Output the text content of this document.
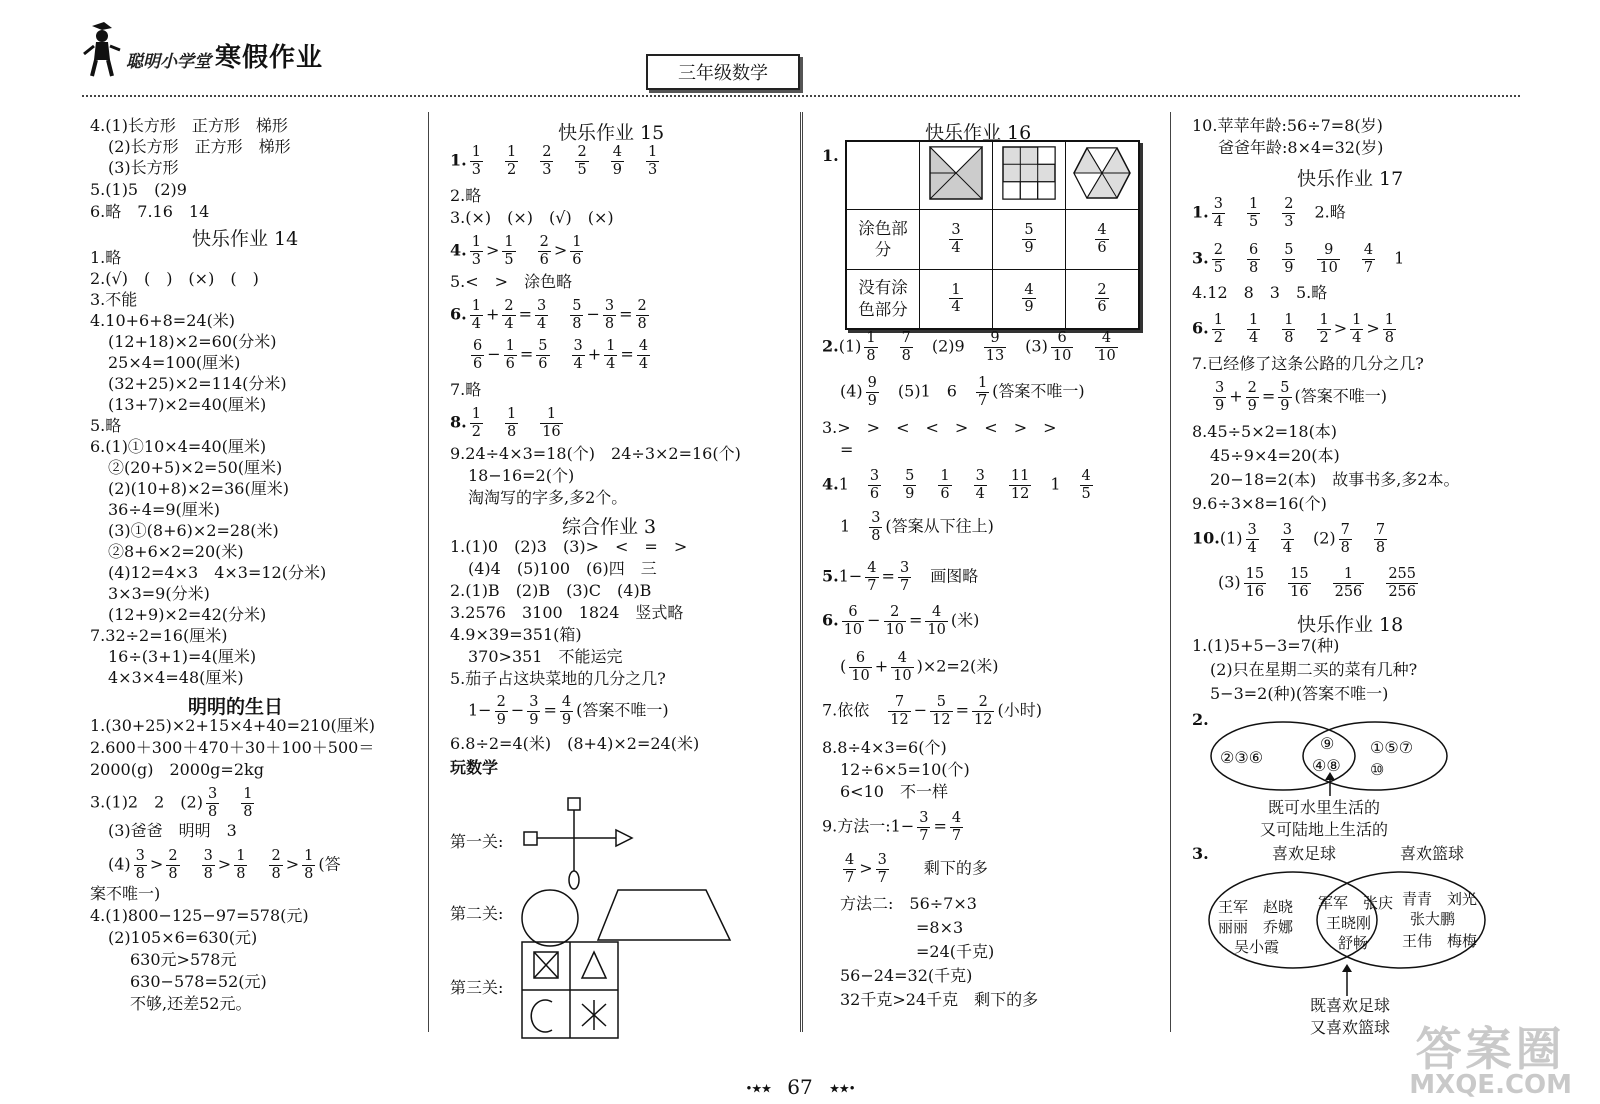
聪明小学堂 寒假作业
三年级数学
4.(1)长方形　正方形　梯形
(2)长方形　正方形　梯形
(3)长方形
5.(1)5　(2)9
6.略　7.16　14
快乐作业 14
1.略
2.(√)　(　)　(×)　(　)
3.不能
4.10+6+8=24(米)
(12+18)×2=60(分米)
25×4=100(厘米)
(32+25)×2=114(分米)
(13+7)×2=40(厘米)
5.略
6.(1)①10×4=40(厘米)
②(20+5)×2=50(厘米)
(2)(10+8)×2=36(厘米)
36÷4=9(厘米)
(3)①(8+6)×2=28(米)
②8+6×2=20(米)
(4)12=4×3　4×3=12(分米)
3×3=9(分米)
(12+9)×2=42(分米)
7.32÷2=16(厘米)
16÷(3+1)=4(厘米)
4×3×4=48(厘米)
明明的生日
1.(30+25)×2+15×4+40=210(厘米)
2.600＋300＋470＋30＋100＋500＝
2000(g)　2000g=2kg
3.(1)2　2　$(2) \frac{3}{8}$
　 $\frac{1}{8}$
(3)爸爸　明明　3
$(4) \frac{3}{8} > \frac{2}{8}$
　 $\frac{3}{8} > \frac{1}{8}$
　 $\frac{2}{8} > \frac{1}{8}$ (答
案不唯一)
4.(1)800−125−97=578(元)
(2)105×6=630(元)
630元>578元
630−578=52(元)
不够,还差52元。
快乐作业 15
1. $\frac{1}{3}$
　 $\frac{1}{2}$
　 $\frac{2}{3}$
　 $\frac{2}{5}$
　 $\frac{4}{9}$
　 $\frac{1}{3}$
2.略
3.(×)　(×)　(√)　(×)
4. $\frac{1}{3} > \frac{1}{5}$
　 $\frac{2}{6} > \frac{1}{6}$
5.<　>　涂色略
6. $\frac{1}{4} + \frac{2}{4} = \frac{3}{4}$
　 $\frac{5}{8} - \frac{3}{8} = \frac{2}{8}$
$\frac{6}{6} - \frac{1}{6} = \frac{5}{6}$
　 $\frac{3}{4} + \frac{1}{4} = \frac{4}{4}$
7.略
8. $\frac{1}{2}$
　 $\frac{1}{8}$
　 $\frac{1}{16}$
9.24÷4×3=18(个)　24÷3×2=16(个)
18−16=2(个)
淘淘写的字多,多2个。
综合作业 3
1.(1)0　(2)3　(3)>　<　=　>
(4)4　(5)100　(6)四　三
2.(1)B　(2)B　(3)C　(4)B
3.2576　3100　1824　竖式略
4.9×39=351(箱)
370>351　不能运完
5.茄子占这块菜地的几分之几?
$1- \frac{2}{9} - \frac{3}{9} = \frac{4}{9}$ (答案不唯一)
6.8÷2=4(米)　(8+4)×2=24(米)
玩数学
第一关:
第二关:
第三关:
快乐作业 16
1.

涂色部分	$\frac{3}{4}$	$\frac{5}{9}$	$\frac{4}{6}$

没有涂色部分	$\frac{1}{4}$	$\frac{4}{9}$	$\frac{2}{6}$
$2.(1) \frac{1}{8}$
　 $\frac{7}{8}$ 　(2)9　 $\frac{9}{13}$ 　$(3) \frac{6}{10}$
　 $\frac{4}{10}$
$(4) \frac{9}{9}$ 　(5)1　6　 $\frac{1}{7}$ (答案不唯一)
3.>　>　<　<　>　<　>　>
=
4.1　 $\frac{3}{6}$
　 $\frac{5}{9}$
　 $\frac{1}{6}$
　 $\frac{3}{4}$
　 $\frac{11}{12}$ 　1　 $\frac{4}{5}$
1　 $\frac{3}{8}$ (答案从下往上)
$5.1- \frac{4}{7} = \frac{3}{7}$
　 画图略
6. $\frac{6}{10} - \frac{2}{10} = \frac{4}{10}$ (米)
( $\frac{6}{10} + \frac{4}{10} )\times 2=2$(米)
7.依依　 $\frac{7}{12} - \frac{5}{12} = \frac{2}{12}$ (小时)
8.8÷4×3=6(个)
12÷6×5=10(个)
6<10　不一样
9.方法一:1− $\frac{3}{7} = \frac{4}{7}$
$\frac{4}{7} > \frac{3}{7}$
　　 剩下的多
方法二:　56÷7×3
=8×3
=24(千克)
56−24=32(千克)
32千克>24千克　剩下的多
10.苹苹年龄:56÷7=8(岁)
爸爸年龄:8×4=32(岁)
快乐作业 17
1. $\frac{3}{4}$
　 $\frac{1}{5}$
　 $\frac{2}{3}$
　 2.略
3. $\frac{2}{5}$
　 $\frac{6}{8}$
　 $\frac{5}{9}$
　 $\frac{9}{10}$
　 $\frac{4}{7}$ 　1
4.12　8　3　5.略
6. $\frac{1}{2}$
　 $\frac{1}{4}$
　 $\frac{1}{8}$
　 $\frac{1}{2} > \frac{1}{4} > \frac{1}{8}$
7.已经修了这条公路的几分之几?
$\frac{3}{9} + \frac{2}{9} = \frac{5}{9}$ (答案不唯一)
8.45÷5×2=18(本)
45÷9×4=20(本)
20−18=2(本)　故事书多,多2本。
9.6÷3×8=16(个)
$10.(1) \frac{3}{4}$
　 $\frac{3}{4}$ 　$(2) \frac{7}{8}$
　 $\frac{7}{8}$
$(3) \frac{15}{16}$
　 $\frac{15}{16}$
　 $\frac{1}{256}$
　 $\frac{255}{256}$
快乐作业 18
1.(1)5+5−3=7(种)
(2)只在星期二买的菜有几种?
5−3=2(种)(答案不唯一)
2.
②③⑥
⑨
④⑧
①⑤⑦
⑩
既可水里生活的
又可陆地上生活的
3.	喜欢足球	喜欢篮球
王军　赵晓
丽丽　乔娜
吴小霞
军军　张庆
王晓刚
舒畅
青青　刘光
张大鹏
王伟　梅梅
既喜欢足球
又喜欢篮球
•★★ 67 ★★•
答案圈
MXQE.COM
